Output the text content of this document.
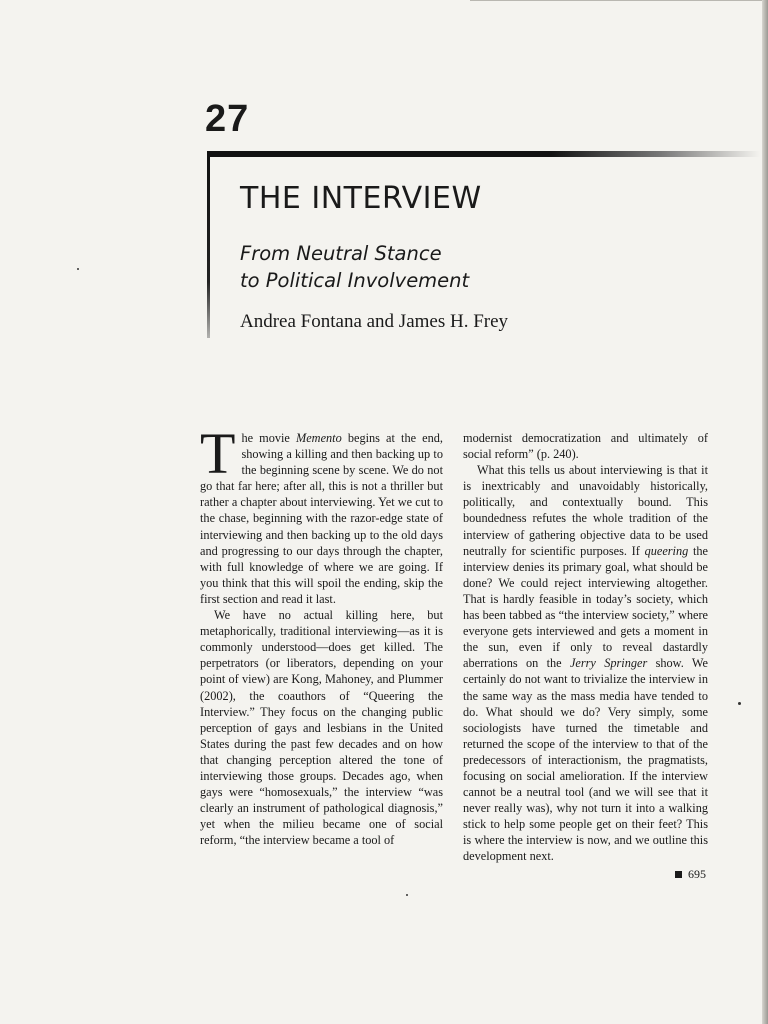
27
THE INTERVIEW
From Neutral Stance
to Political Involvement
Andrea Fontana and James H. Frey

The movie Memento begins at the end, showing a killing and then backing up to the beginning scene by scene. We do not go that far here; after all, this is not a thriller but rather a chapter about interviewing. Yet we cut to the chase, beginning with the razor-edge state of interviewing and then backing up to the old days and progressing to our days through the chapter, with full knowledge of where we are going. If you think that this will spoil the ending, skip the first section and read it last.

We have no actual killing here, but metaphorically, traditional interviewing—as it is commonly understood—does get killed. The perpetrators (or liberators, depending on your point of view) are Kong, Mahoney, and Plummer (2002), the coauthors of “Queering the Interview.” They focus on the changing public perception of gays and lesbians in the United States during the past few decades and on how that changing perception altered the tone of interviewing those groups. Decades ago, when gays were “homosexuals,” the interview “was clearly an instrument of pathological diagnosis,” yet when the milieu became one of social reform, “the interview became a tool of

modernist democratization and ultimately of social reform” (p. 240).

What this tells us about interviewing is that it is inextricably and unavoidably historically, politically, and contextually bound. This boundedness refutes the whole tradition of the interview of gathering objective data to be used neutrally for scientific purposes. If queering the interview denies its primary goal, what should be done? We could reject interviewing altogether. That is hardly feasible in today’s society, which has been tabbed as “the interview society,” where everyone gets interviewed and gets a moment in the sun, even if only to reveal dastardly aberrations on the Jerry Springer show. We certainly do not want to trivialize the interview in the same way as the mass media have tended to do. What should we do? Very simply, some sociologists have turned the timetable and returned the scope of the interview to that of the predecessors of interactionism, the pragmatists, focusing on social amelioration. If the interview cannot be a neutral tool (and we will see that it never really was), why not turn it into a walking stick to help some people get on their feet? This is where the interview is now, and we outline this development next.

695
